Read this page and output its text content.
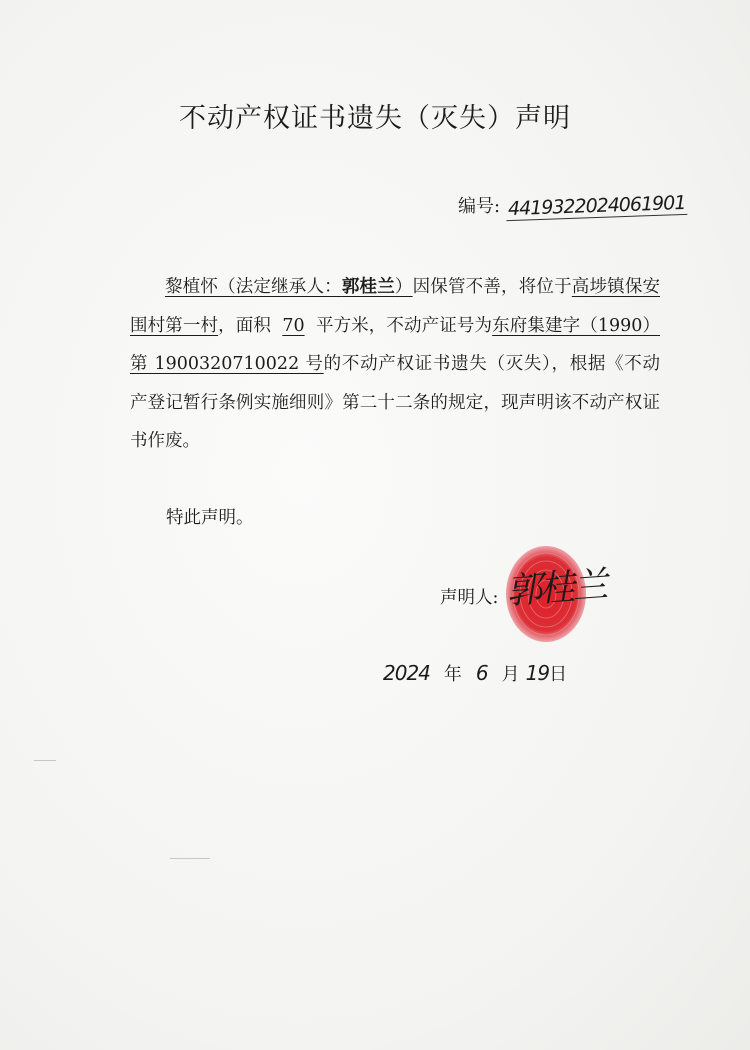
不动产权证书遗失（灭失）声明
编号: 4419322024061901

黎植怀（法定继承人：郭桂兰）因保管不善，将位于高埗镇保安围村第一村，面积 70 平方米，不动产证号为东府集建字（1990）第 1900320710022 号的不动产权证书遗失（灭失），根据《不动产登记暂行条例实施细则》第二十二条的规定，现声明该不动产权证书作废。

特此声明。
郭桂兰
声明人:
2024 年 6 月 19日
